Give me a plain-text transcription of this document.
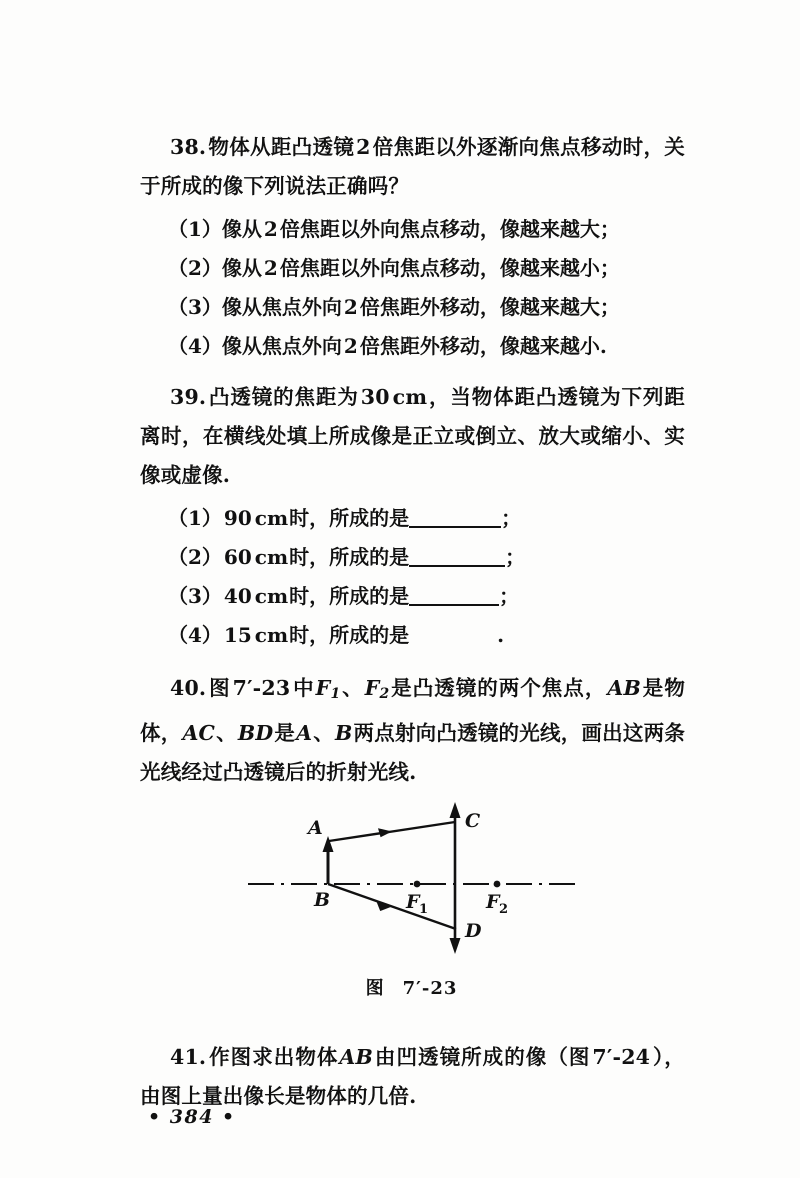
38.物体从距凸透镜2倍焦距以外逐渐向焦点移动时，关于所成的像下列说法正确吗？
（1）像从 2 倍焦距以外向焦点移动，像越来越大；
（2）像从 2 倍焦距以外向焦点移动，像越来越小；
（3）像从焦点外向 2 倍焦距外移动，像越来越大；
（4）像从焦点外向 2 倍焦距外移动，像越来越小.
39.凸透镜的焦距为30 cm，当物体距凸透镜为下列距离时，在横线处填上所成像是正立或倒立、放大或缩小、实像或虚像.
（1） 90 cm时，所成的是	；
（2） 60 cm时，所成的是	；
（3） 40 cm时，所成的是	；
（4） 15 cm时，所成的是	.
40.图7′-23中$F_1$、$F_2$是凸透镜的两个焦点，AB是物体，AC、BD是A、B两点射向凸透镜的光线，画出这两条光线经过凸透镜后的折射光线.
A
B
C
D
F 1	F 2
图 7′-23
41.作图求出物体AB由凹透镜所成的像（图7′-24），由图上量出像长是物体的几倍.
• 384 •
